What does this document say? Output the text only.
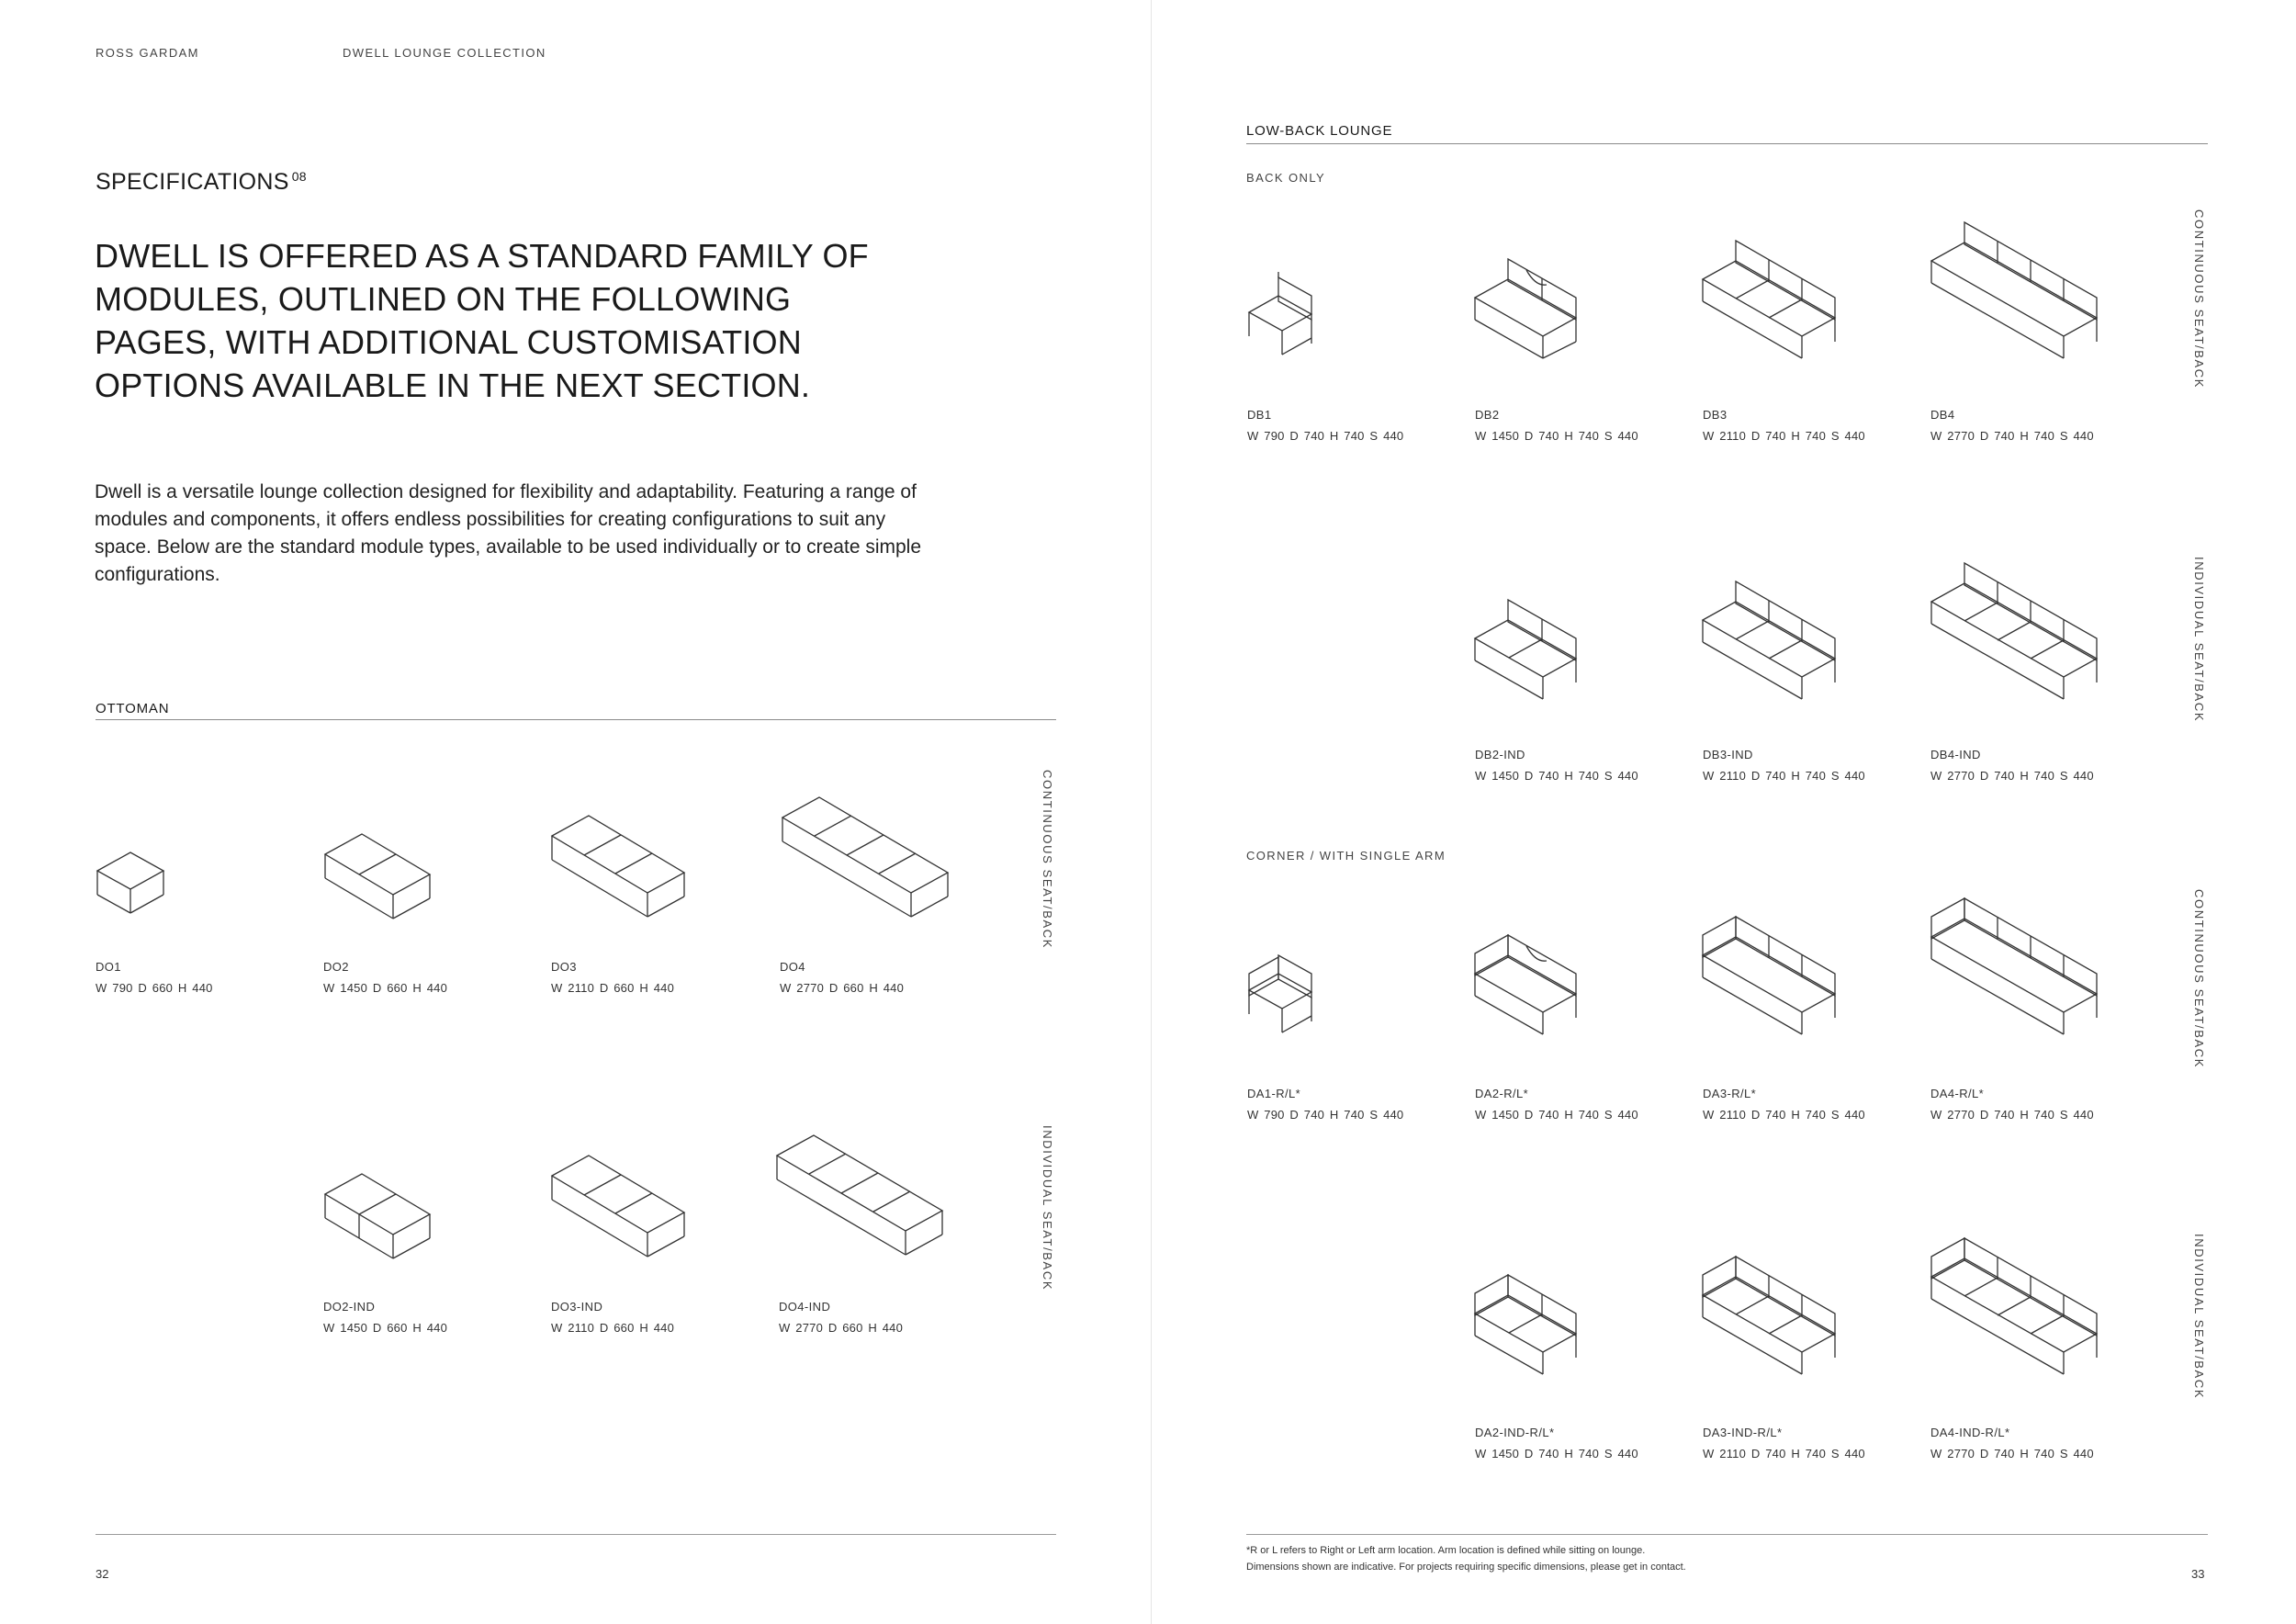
ROSS GARDAM	DWELL LOUNGE COLLECTION
SPECIFICATIONS $^{08}$
DWELL IS OFFERED AS A STANDARD FAMILY OF MODULES, OUTLINED ON THE FOLLOWING PAGES, WITH ADDITIONAL CUSTOMISATION OPTIONS AVAILABLE IN THE NEXT SECTION.
Dwell is a versatile lounge collection designed for flexibility and adaptability. Featuring a range of modules and components, it offers endless possibilities for creating configurations to suit any space. Below are the standard module types, available to be used individually or to create simple configurations.
OTTOMAN
CONTINUOUS SEAT/BACK
INDIVIDUAL SEAT/BACK
DO1
W 790 D 660 H 440
DO2
W 1450 D 660 H 440
DO3
W 2110 D 660 H 440
DO4
W 2770 D 660 H 440
DO2-IND
W 1450 D 660 H 440
DO3-IND
W 2110 D 660 H 440
DO4-IND
W 2770 D 660 H 440
32
LOW-BACK LOUNGE
BACK ONLY
CONTINUOUS SEAT/BACK
INDIVIDUAL SEAT/BACK
DB1
W 790 D 740 H 740 S 440
DB2
W 1450 D 740 H 740 S 440
DB3
W 2110 D 740 H 740 S 440
DB4
W 2770 D 740 H 740 S 440
DB2-IND
W 1450 D 740 H 740 S 440
DB3-IND
W 2110 D 740 H 740 S 440
DB4-IND
W 2770 D 740 H 740 S 440
CORNER / WITH SINGLE ARM
CONTINUOUS SEAT/BACK
INDIVIDUAL SEAT/BACK
DA1-R/L*
W 790 D 740 H 740 S 440
DA2-R/L*
W 1450 D 740 H 740 S 440
DA3-R/L*
W 2110 D 740 H 740 S 440
DA4-R/L*
W 2770 D 740 H 740 S 440
DA2-IND-R/L*
W 1450 D 740 H 740 S 440
DA3-IND-R/L*
W 2110 D 740 H 740 S 440
DA4-IND-R/L*
W 2770 D 740 H 740 S 440
*R or L refers to Right or Left arm location. Arm location is defined while sitting on lounge.
Dimensions shown are indicative. For projects requiring specific dimensions, please get in contact.	33
